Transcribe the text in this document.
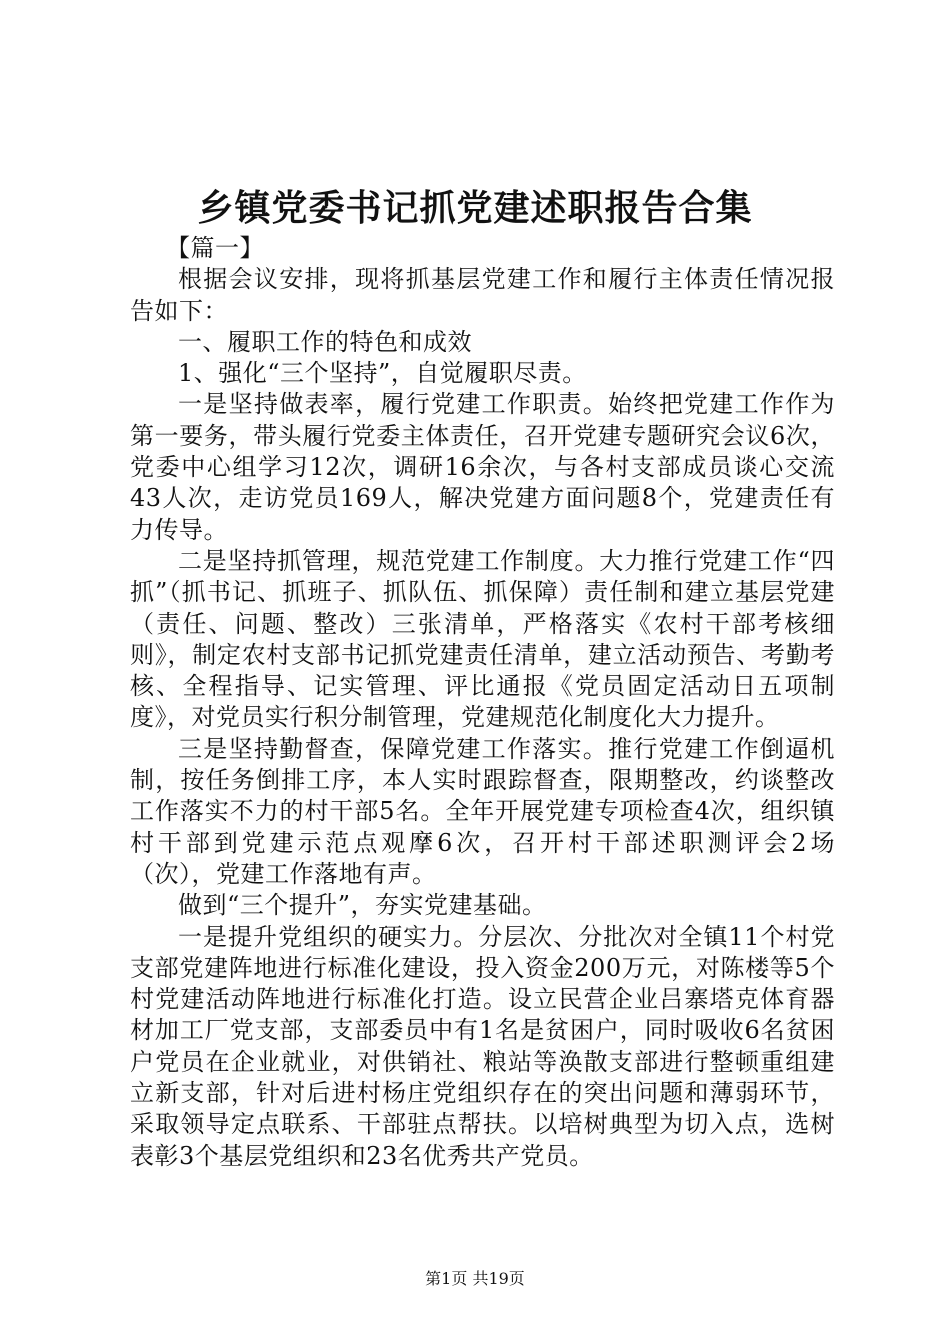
乡镇党委书记抓党建述职报告合集

【篇一】

根据会议安排，现将抓基层党建工作和履行主体责任情况报告如下：

一、履职工作的特色和成效

1、强化“三个坚持”，自觉履职尽责。

一是坚持做表率，履行党建工作职责。始终把党建工作作为第一要务，带头履行党委主体责任，召开党建专题研究会议6次，党委中心组学习12次，调研16余次，与各村支部成员谈心交流43人次，走访党员169人，解决党建方面问题8个，党建责任有力传导。

二是坚持抓管理，规范党建工作制度。大力推行党建工作“四抓”（抓书记、抓班子、抓队伍、抓保障）责任制和建立基层党建（责任、问题、整改）三张清单，严格落实《农村干部考核细则》，制定农村支部书记抓党建责任清单，建立活动预告、考勤考核、全程指导、记实管理、评比通报《党员固定活动日五项制度》，对党员实行积分制管理，党建规范化制度化大力提升。

三是坚持勤督查，保障党建工作落实。推行党建工作倒逼机制，按任务倒排工序，本人实时跟踪督查，限期整改，约谈整改工作落实不力的村干部5名。全年开展党建专项检查4次，组织镇村干部到党建示范点观摩6次，召开村干部述职测评会2场（次），党建工作落地有声。

做到“三个提升”，夯实党建基础。

一是提升党组织的硬实力。分层次、分批次对全镇11个村党支部党建阵地进行标准化建设，投入资金200万元，对陈楼等5个村党建活动阵地进行标准化打造。设立民营企业吕寨塔克体育器材加工厂党支部，支部委员中有1名是贫困户，同时吸收6名贫困户党员在企业就业，对供销社、粮站等涣散支部进行整顿重组建立新支部，针对后进村杨庄党组织存在的突出问题和薄弱环节，采取领导定点联系、干部驻点帮扶。以培树典型为切入点，选树表彰3个基层党组织和23名优秀共产党员。

第1页 共19页
